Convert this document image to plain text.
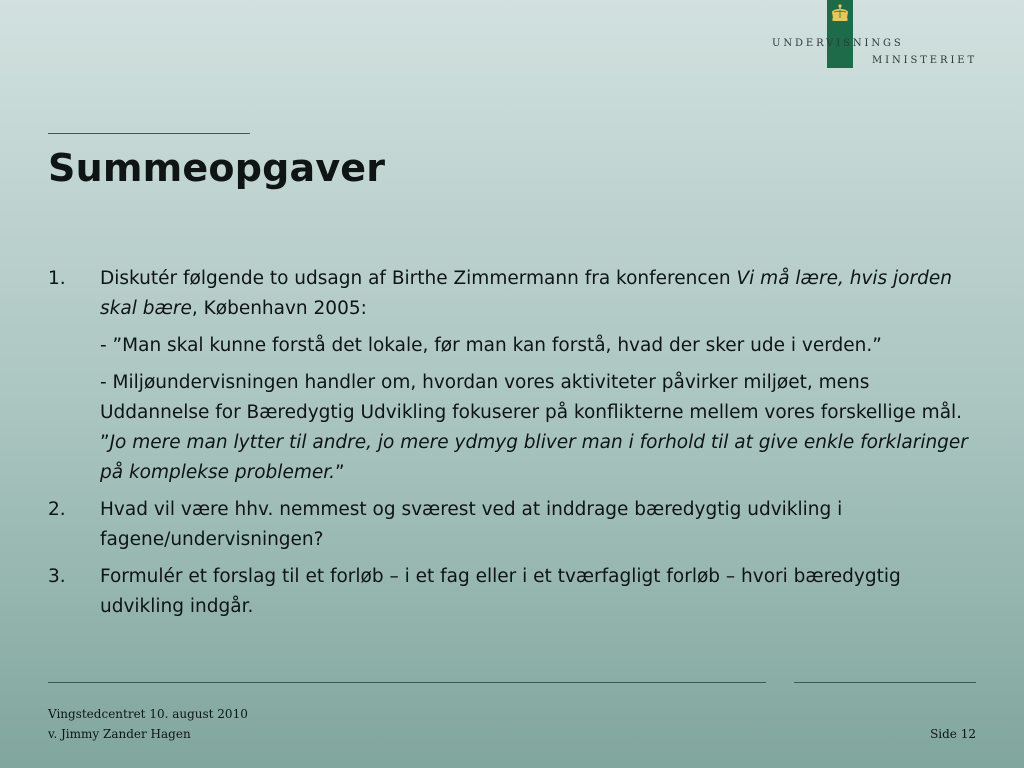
UNDERVISNINGS
MINISTERIET
Summeopgaver
1. Diskutér følgende to udsagn af Birthe Zimmermann fra konferencen Vi må lære, hvis jorden skal bære, København 2005:
- ”Man skal kunne forstå det lokale, før man kan forstå, hvad der sker ude i verden.”
- Miljøundervisningen handler om, hvordan vores aktiviteter påvirker miljøet, mens Uddannelse for Bæredygtig Udvikling fokuserer på konflikterne mellem vores forskellige mål. ”Jo mere man lytter til andre, jo mere ydmyg bliver man i forhold til at give enkle forklaringer på komplekse problemer.”
2. Hvad vil være hhv. nemmest og sværest ved at inddrage bæredygtig udvikling i fagene/undervisningen?
3. Formulér et forslag til et forløb – i et fag eller i et tværfagligt forløb – hvori bæredygtig udvikling indgår.
Vingstedcentret 10. august 2010
v. Jimmy Zander Hagen	Side 12
